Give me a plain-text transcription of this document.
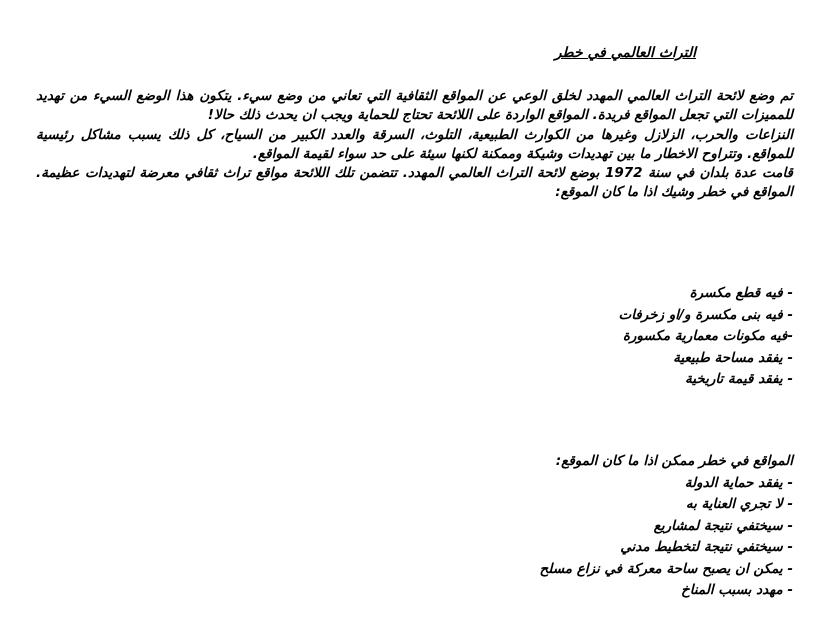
التراث العالمي في خطر

تم وضع لائحة التراث العالمي المهدد لخلق الوعي عن المواقع الثقافية التي تعاني من وضع سيء. يتكون هذا الوضع السيء من تهديد للمميزات التي تجعل المواقع فريدة. المواقع الواردة على اللائحة تحتاج للحماية ويجب ان يحدث ذلك حالا!

النزاعات والحرب، الزلازل وغيرها من الكوارث الطبيعية، التلوث، السرقة والعدد الكبير من السياح، كل ذلك يسبب مشاكل رئيسية للمواقع. وتتراوح الاخطار ما بين تهديدات وشيكة وممكنة لكنها سيئة على حد سواء لقيمة المواقع.

قامت عدة بلدان في سنة 1972 بوضع لائحة التراث العالمي المهدد. تتضمن تلك اللائحة مواقع تراث ثقافي معرضة لتهديدات عظيمة. المواقع في خطر وشيك اذا ما كان الموقع:

- فيه قطع مكسرة
- فيه بنى مكسرة و/او زخرفات
-فيه مكونات معمارية مكسورة
- يفقد مساحة طبيعية
- يفقد قيمة تاريخية

المواقع في خطر ممكن اذا ما كان الموقع:

- يفقد حماية الدولة
- لا تجري العناية به
- سيختفي نتيجة لمشاريع
- سيختفي نتيجة لتخطيط مدني
- يمكن ان يصبح ساحة معركة في نزاع مسلح
- مهدد بسبب المناخ
